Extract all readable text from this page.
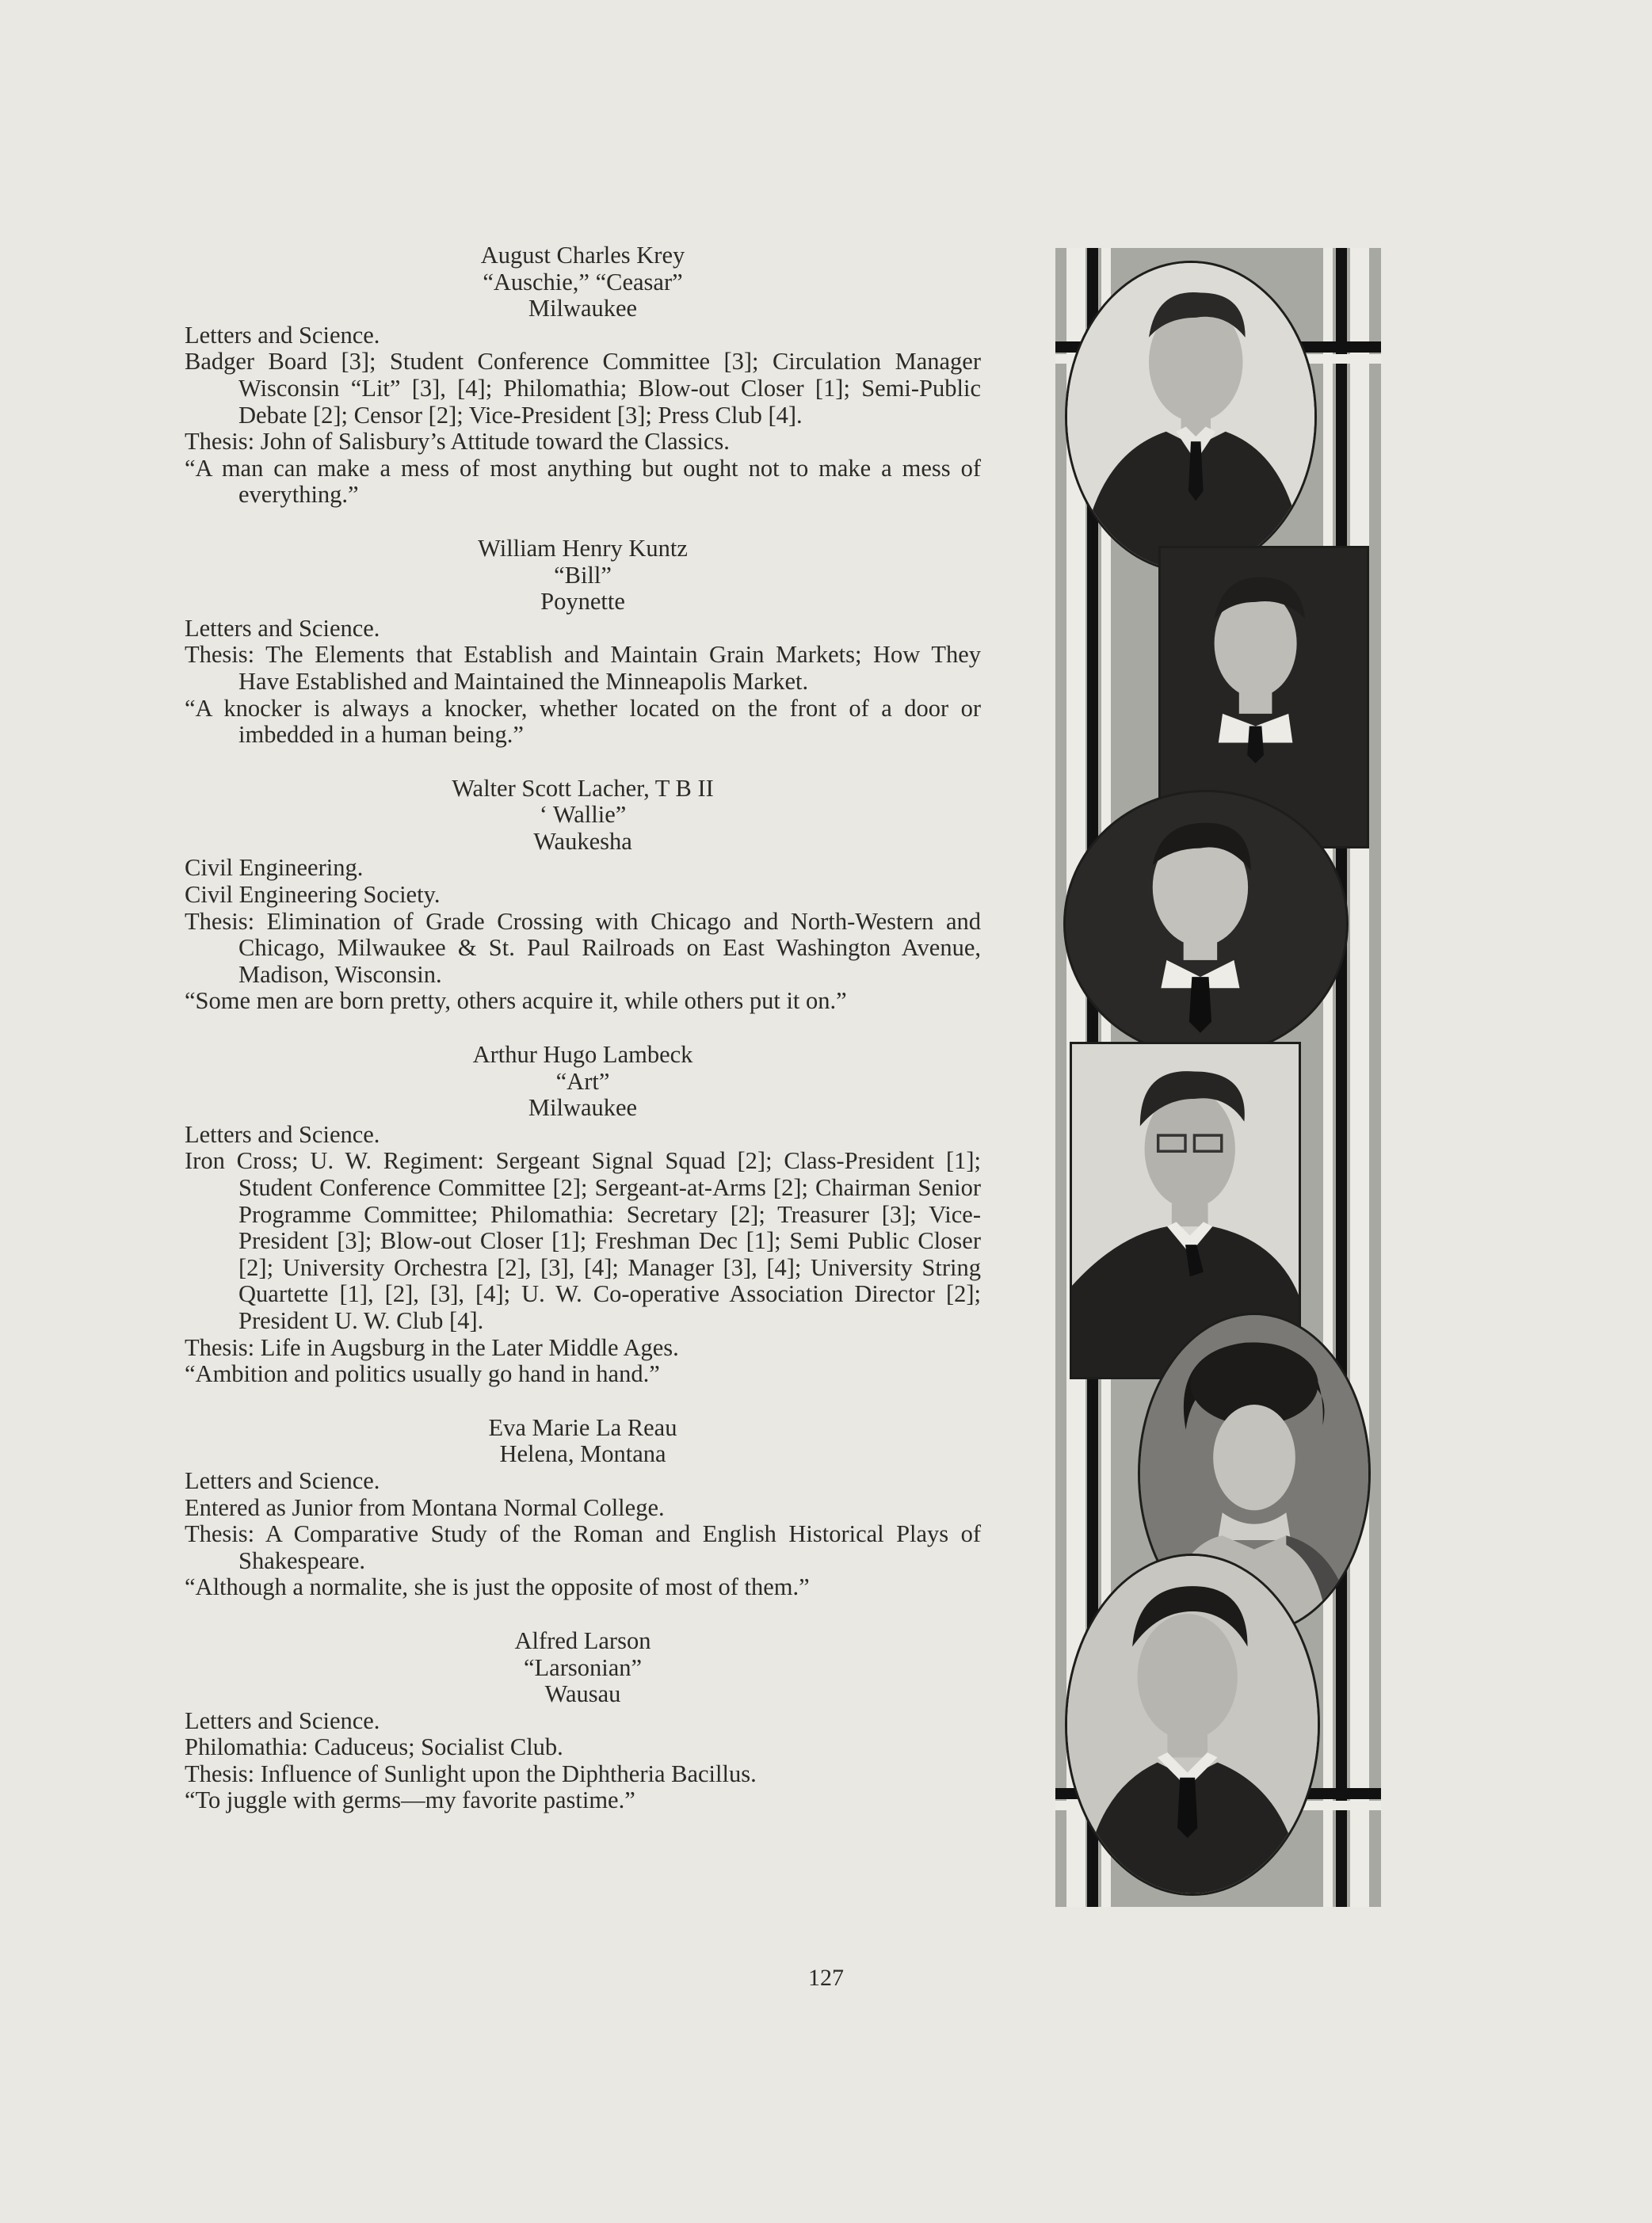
August Charles Krey
“Auschie,” “Ceasar”
Milwaukee
Letters and Science.
Badger Board [3]; Student Conference Committee [3]; Circulation Manager Wisconsin “Lit” [3], [4]; Philomathia; Blow-out Closer [1]; Semi-Public Debate [2]; Censor [2]; Vice-President [3]; Press Club [4].
Thesis: John of Salisbury’s Attitude toward the Classics.
“A man can make a mess of most anything but ought not to make a mess of everything.”
William Henry Kuntz
“Bill”
Poynette
Letters and Science.
Thesis: The Elements that Establish and Maintain Grain Markets; How They Have Established and Maintained the Minneapolis Market.
“A knocker is always a knocker, whether located on the front of a door or imbedded in a human being.”
Walter Scott Lacher, T B II
‘ Wallie”
Waukesha
Civil Engineering.
Civil Engineering Society.
Thesis: Elimination of Grade Crossing with Chicago and North-Western and Chicago, Milwaukee & St. Paul Railroads on East Washington Avenue, Madison, Wisconsin.
“Some men are born pretty, others acquire it, while others put it on.”
Arthur Hugo Lambeck
“Art”
Milwaukee
Letters and Science.
Iron Cross; U. W. Regiment: Sergeant Signal Squad [2]; Class-President [1]; Student Conference Committee [2]; Sergeant-at-Arms [2]; Chairman Senior Programme Committee; Philomathia: Secretary [2]; Treasurer [3]; Vice-President [3]; Blow-out Closer [1]; Freshman Dec [1]; Semi Public Closer [2]; University Orchestra [2], [3], [4]; Manager [3], [4]; University String Quartette [1], [2], [3], [4]; U. W. Co-operative Association Director [2]; President U. W. Club [4].
Thesis: Life in Augsburg in the Later Middle Ages.
“Ambition and politics usually go hand in hand.”
Eva Marie La Reau
Helena, Montana
Letters and Science.
Entered as Junior from Montana Normal College.
Thesis: A Comparative Study of the Roman and English Historical Plays of Shakespeare.
“Although a normalite, she is just the opposite of most of them.”
Alfred Larson
“Larsonian”
Wausau
Letters and Science.
Philomathia: Caduceus; Socialist Club.
Thesis: Influence of Sunlight upon the Diphtheria Bacillus.
“To juggle with germs—my favorite pastime.”
127
